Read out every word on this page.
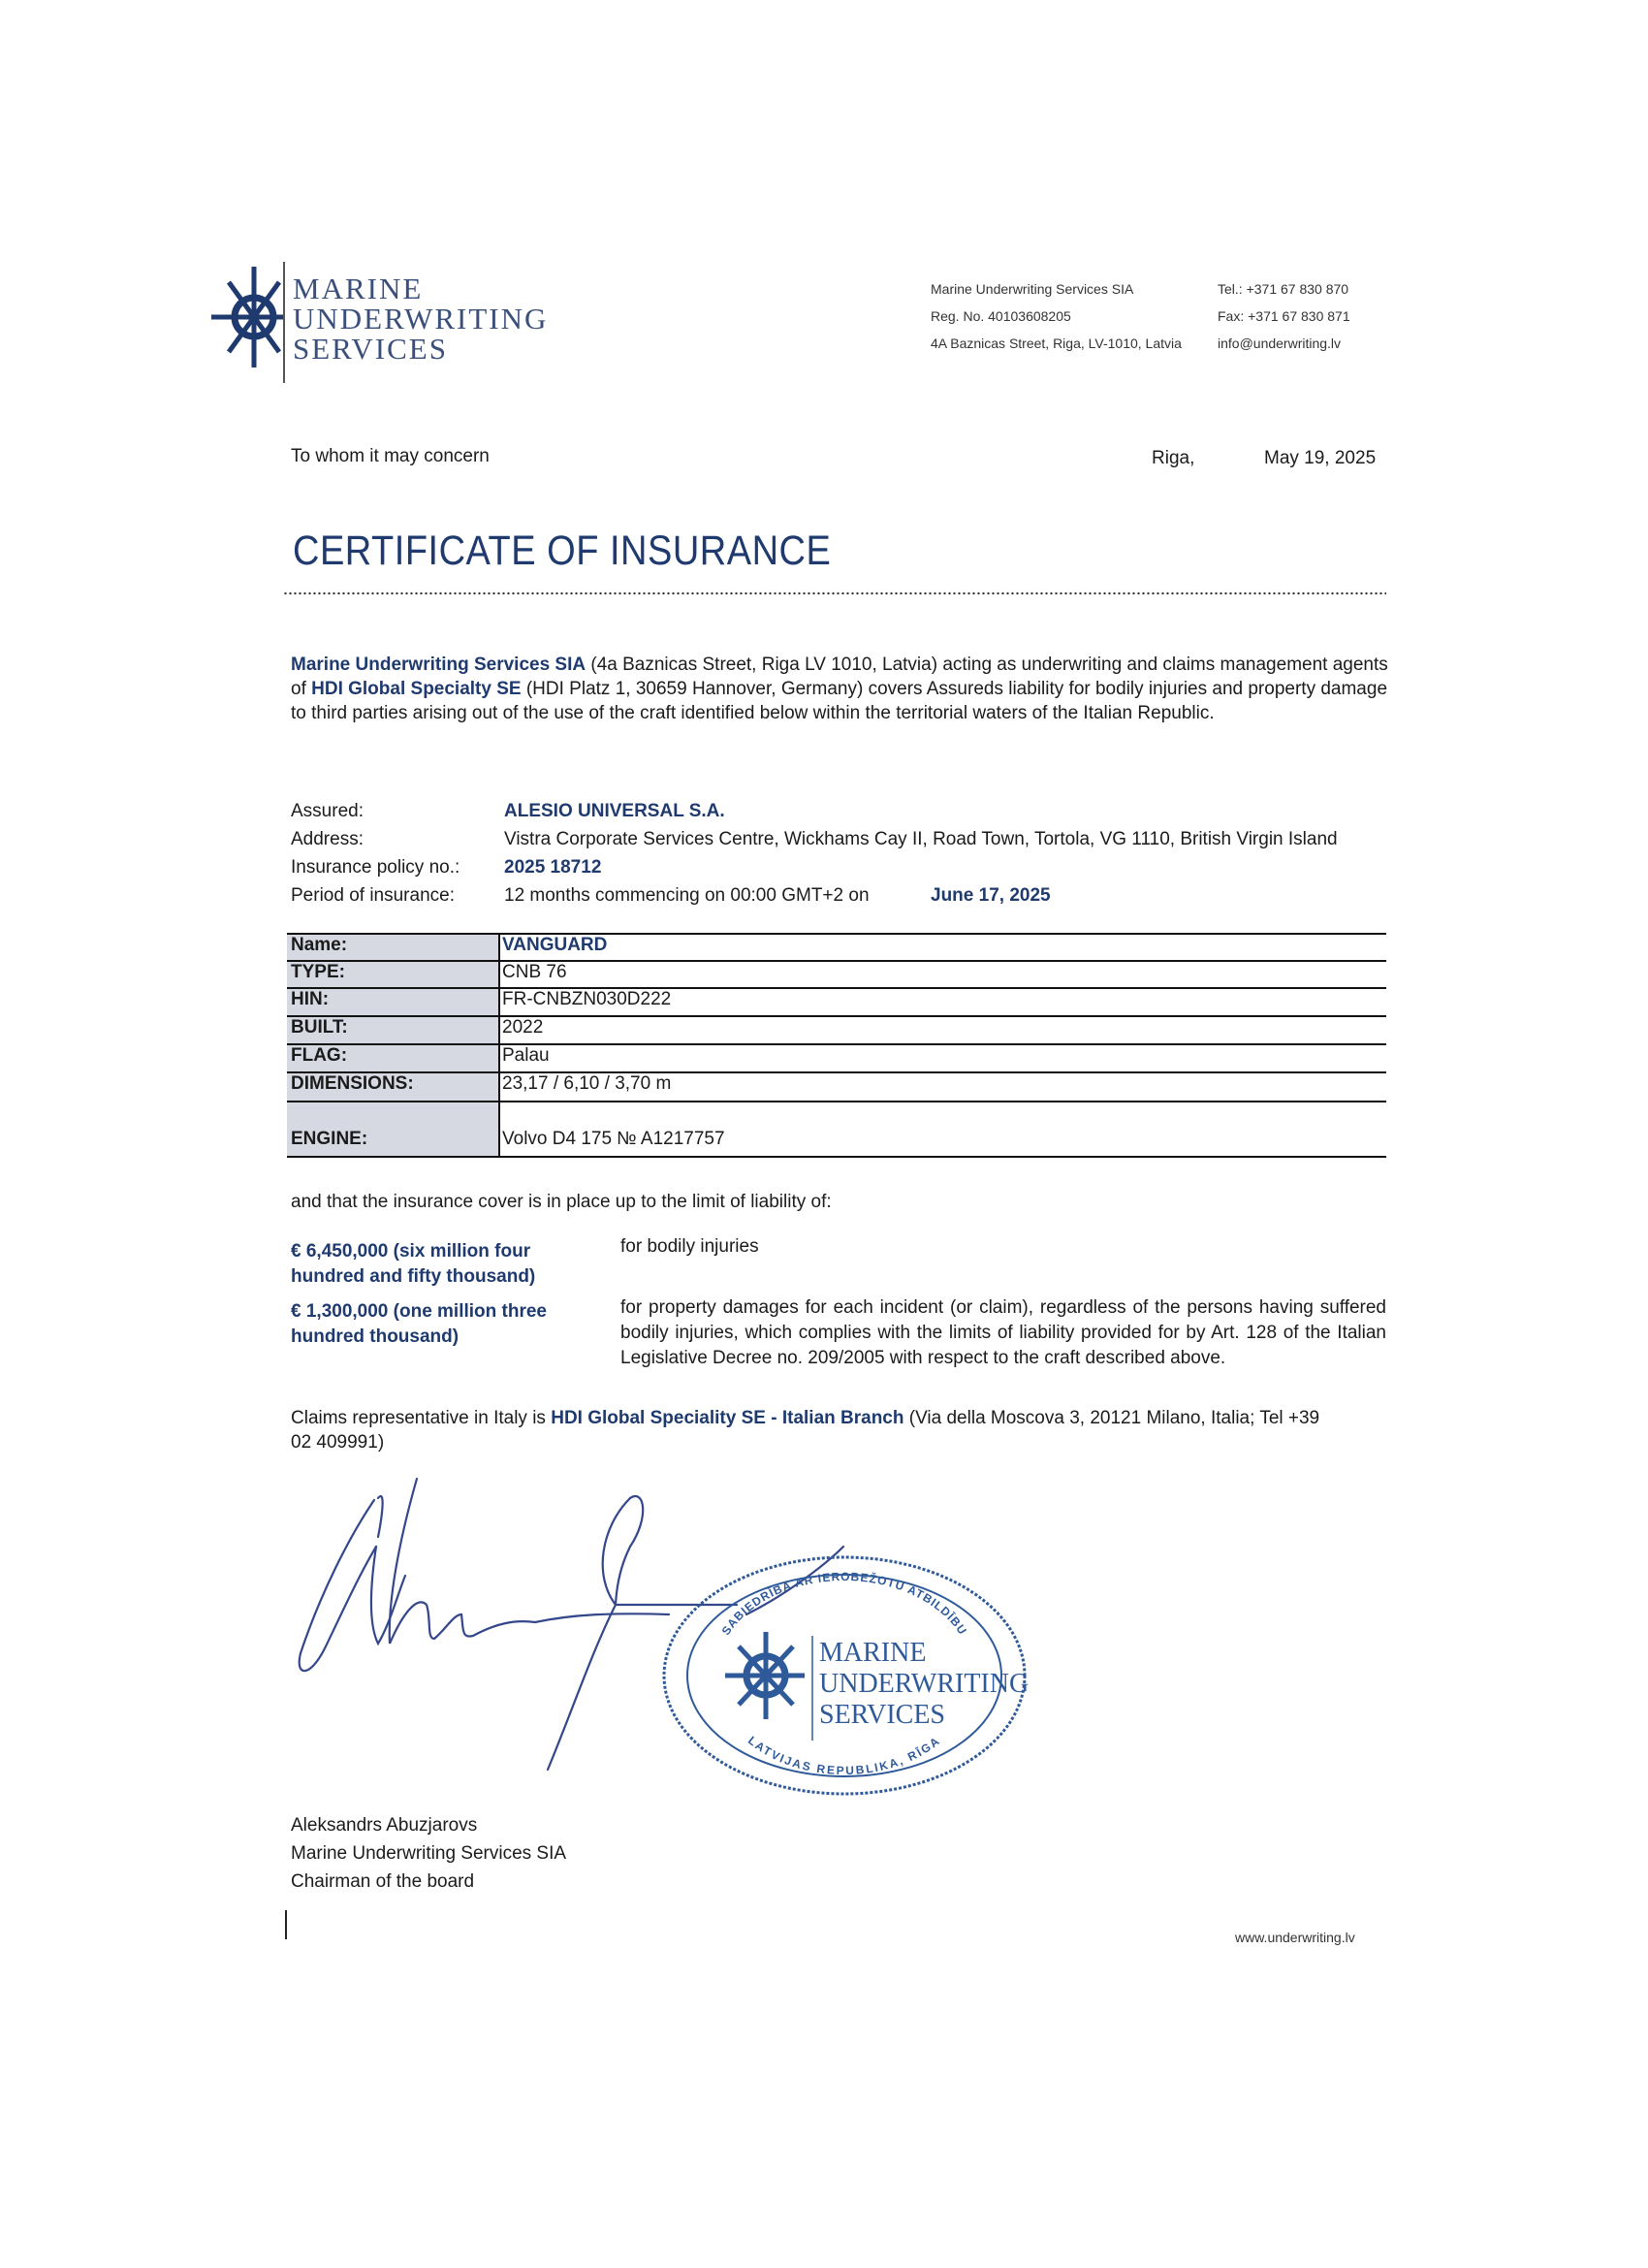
MARINE
UNDERWRITING
SERVICES
Marine Underwriting Services SIA
Reg. No. 40103608205
4A Baznicas Street, Riga, LV-1010, Latvia
Tel.: +371 67 830 870
Fax: +371 67 830 871
info@underwriting.lv
To whom it may concern	Riga,	May 19, 2025
CERTIFICATE OF INSURANCE
Marine Underwriting Services SIA (4a Baznicas Street, Riga LV 1010, Latvia) acting as underwriting and claims management agents of HDI Global Specialty SE (HDI Platz 1, 30659 Hannover, Germany) covers Assureds liability for bodily injuries and property damage to third parties arising out of the use of the craft identified below within the territorial waters of the Italian Republic.
Assured:	ALESIO UNIVERSAL S.A.
Address:	Vistra Corporate Services Centre, Wickhams Cay II, Road Town, Tortola, VG 1110, British Virgin Island
Insurance policy no.: 2025 18712
Period of insurance:	12 months commencing on 00:00 GMT+2 on	June 17, 2025
Name:	VANGUARD
TYPE:	CNB 76
HIN:	FR-CNBZN030D222
BUILT:	2022
FLAG:	Palau
DIMENSIONS:	23,17 / 6,10 / 3,70 m
ENGINE:	Volvo D4 175 № A1217757
and that the insurance cover is in place up to the limit of liability of:
€ 6,450,000 (six million four hundred and fifty thousand)
for bodily injuries
€ 1,300,000 (one million three hundred thousand)
for property damages for each incident (or claim), regardless of the persons having suffered bodily injuries, which complies with the limits of liability provided for by Art. 128 of the Italian Legislative Decree no. 209/2005 with respect to the craft described above.
Claims representative in Italy is HDI Global Speciality SE - Italian Branch (Via della Moscova 3, 20121 Milano, Italia; Tel +39 02 409991)
SABIEDRĪBA AR IEROBEŽOTU ATBILDĪBU
LATVIJAS REPUBLIKA, RĪGA
MARINE
UNDERWRITING
SERVICES
Aleksandrs Abuzjarovs
Marine Underwriting Services SIA
Chairman of the board
www.underwriting.lv
